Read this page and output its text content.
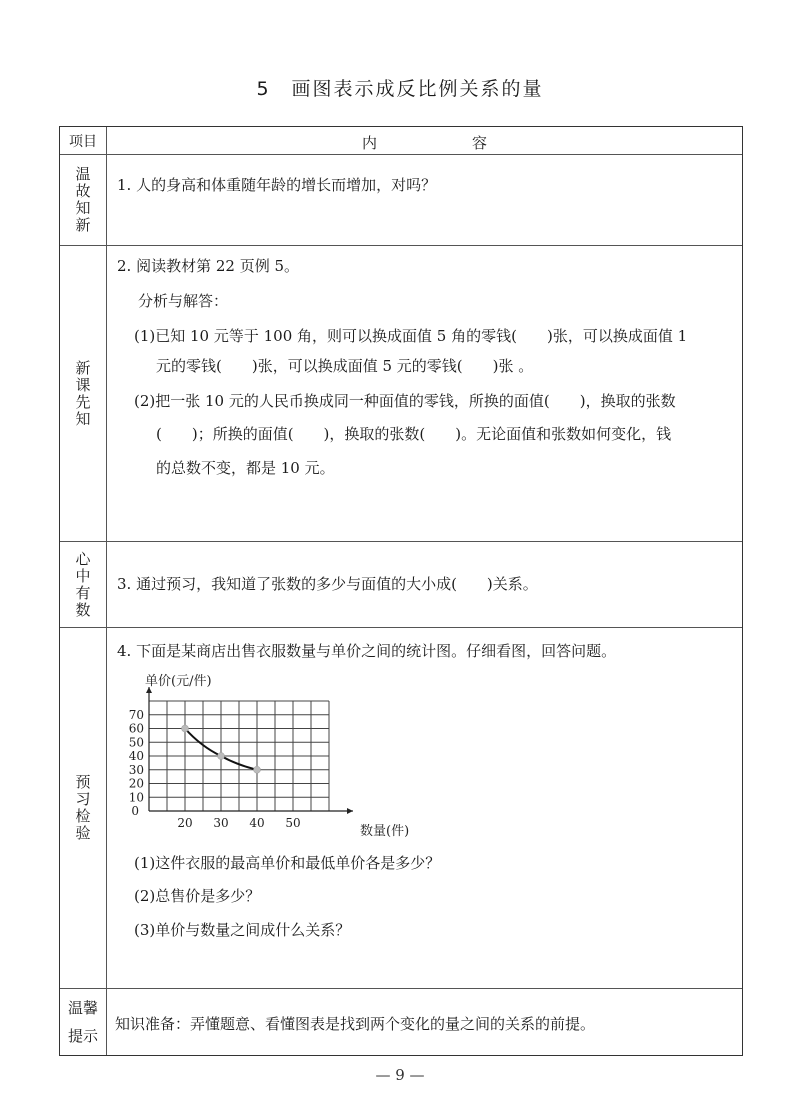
5　画图表示成反比例关系的量
项目	内　容
温故知新 1. 人的身高和体重随年龄的增长而增加，对吗？
新课先知
2. 阅读教材第 22 页例 5。
分析与解答：
(1)已知 10 元等于 100 角，则可以换成面值 5 角的零钱(　　)张，可以换成面值 1
元的零钱(　　)张，可以换成面值 5 元的零钱(　　)张 。
(2)把一张 10 元的人民币换成同一种面值的零钱，所换的面值(　　)，换取的张数
(　　)；所换的面值(　　)，换取的张数(　　)。无论面值和张数如何变化，钱
的总数不变，都是 10 元。
心中有数 3. 通过预习，我知道了张数的多少与面值的大小成(　　)关系。
预习检验
4. 下面是某商店出售衣服数量与单价之间的统计图。仔细看图，回答问题。
10
20
30
40
50
60
70
0
20 30 40 50
单价(元/件)
数量(件)
(1)这件衣服的最高单价和最低单价各是多少？
(2)总售价是多少？
(3)单价与数量之间成什么关系？
温馨
提示
知识准备：弄懂题意、看懂图表是找到两个变化的量之间的关系的前提。
— 9 —
